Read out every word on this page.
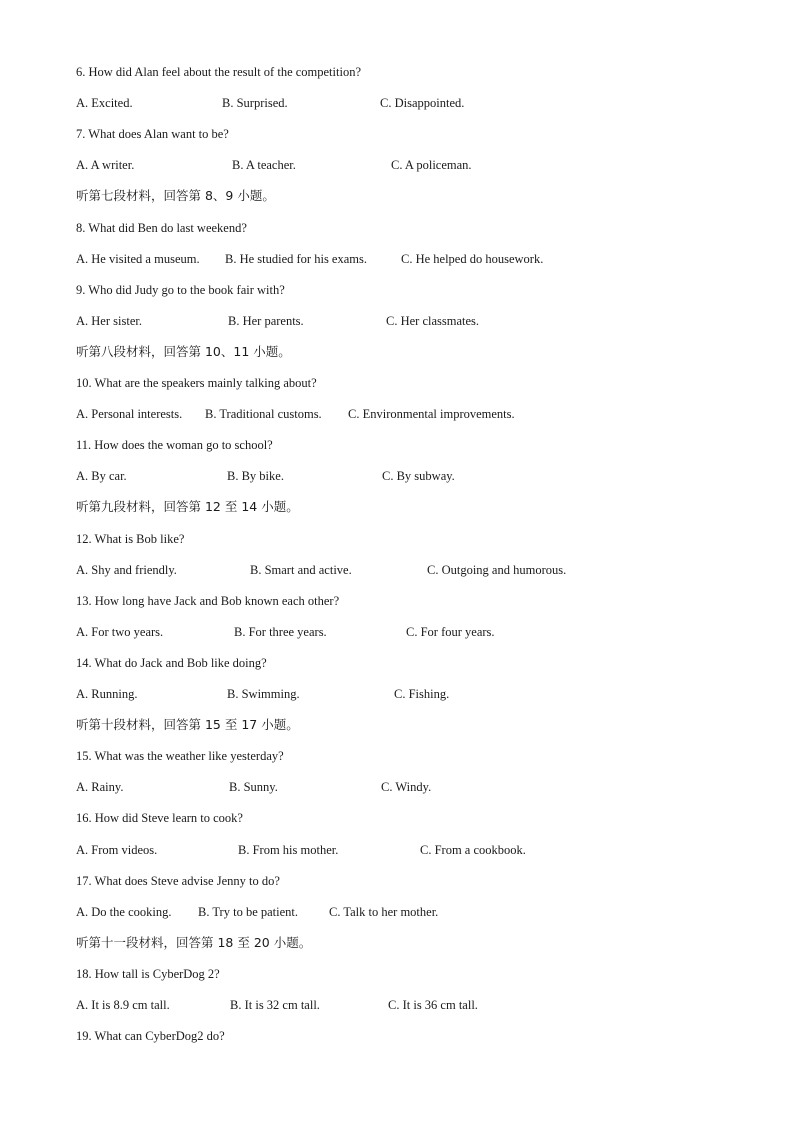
6. How did Alan feel about the result of the competition?
A. Excited.	B. Surprised.	C. Disappointed.
7. What does Alan want to be?
A. A writer.	B. A teacher.	C. A policeman.
听第七段材料，回答第 8、9 小题。
8. What did Ben do last weekend?
A. He visited a museum. B. He studied for his exams.	C. He helped do housework.
9. Who did Judy go to the book fair with?
A. Her sister.	B. Her parents.	C. Her classmates.
听第八段材料，回答第 10、11 小题。
10. What are the speakers mainly talking about?
A. Personal interests. B. Traditional customs. C. Environmental improvements.
11. How does the woman go to school?
A. By car.	B. By bike.	C. By subway.
听第九段材料，回答第 12 至 14 小题。
12. What is Bob like?
A. Shy and friendly.	B. Smart and active.	C. Outgoing and humorous.
13. How long have Jack and Bob known each other?
A. For two years.	B. For three years.	C. For four years.
14. What do Jack and Bob like doing?
A. Running.	B. Swimming.	C. Fishing.
听第十段材料，回答第 15 至 17 小题。
15. What was the weather like yesterday?
A. Rainy.	B. Sunny.	C. Windy.
16. How did Steve learn to cook?
A. From videos.	B. From his mother.	C. From a cookbook.
17. What does Steve advise Jenny to do?
A. Do the cooking. B. Try to be patient. C. Talk to her mother.
听第十一段材料，回答第 18 至 20 小题。
18. How tall is CyberDog 2?
A. It is 8.9 cm tall.	B. It is 32 cm tall.	C. It is 36 cm tall.
19. What can CyberDog2 do?
